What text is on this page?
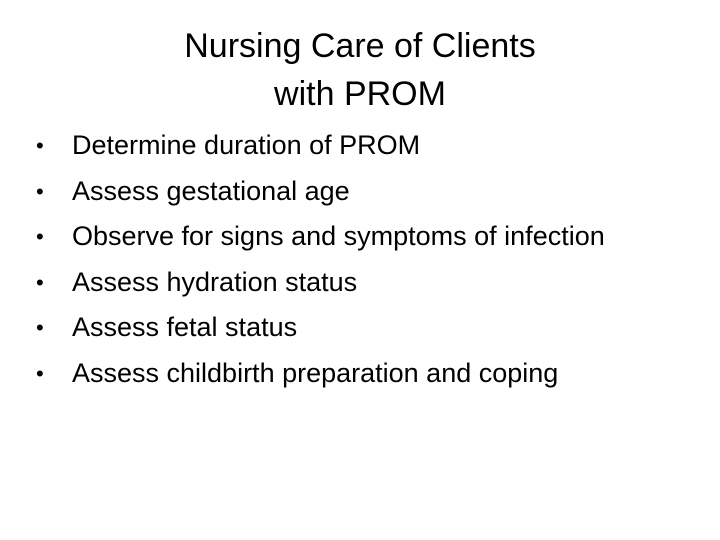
Nursing Care of Clients
with PROM
•	Determine duration of PROM
•	Assess gestational age
•	Observe for signs and symptoms of infection
•	Assess hydration status
•	Assess fetal status
•	Assess childbirth preparation and coping
